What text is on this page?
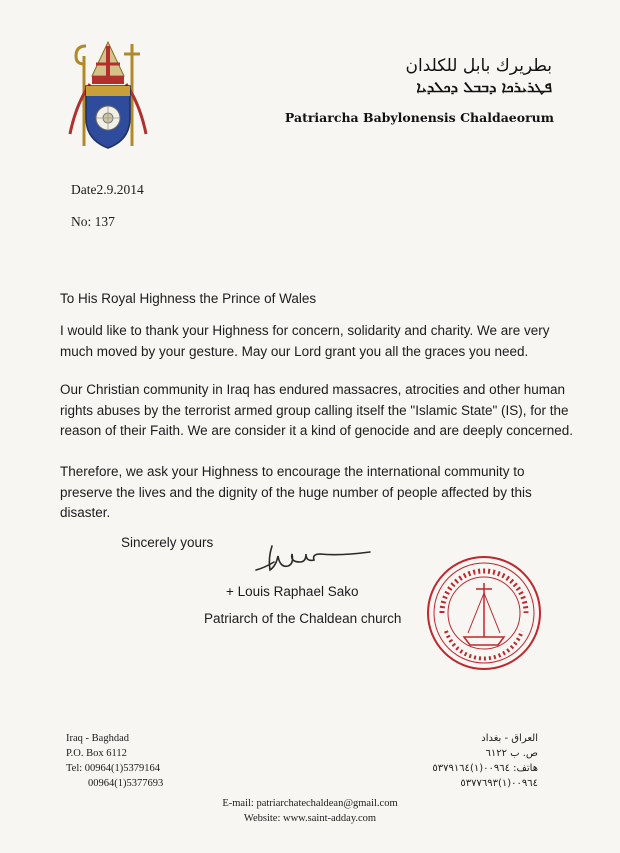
بطريرك بابل للكلدان
ܦܛܪܝܪܟܐ ܕܒܒܠ ܕܟܠܕܝܐ
Patriarcha Babylonensis Chaldaeorum
Date2.9.2014
No: 137
To His Royal Highness the Prince of Wales
I would like to thank your Highness for concern, solidarity and charity. We are very much moved by your gesture. May our Lord grant you all the graces you need.
Our Christian community in Iraq has endured massacres, atrocities and other human rights abuses by the terrorist armed group calling itself the "Islamic State" (IS), for the reason of their Faith. We are consider it a kind of genocide and are deeply concerned.
Therefore, we ask your Highness to encourage the international community to preserve the lives and the dignity of the huge number of people affected by this disaster.
Sincerely yours
+ Louis Raphael Sako
Patriarch of the Chaldean church
Iraq - Baghdad
P.O. Box 6112
Tel: 00964(1)5379164
00964(1)5377693
العراق - بغداد
ص. ب ٦١٢٢
هاتف: ٠٠٩٦٤(١)٥٣٧٩١٦٤
٠٠٩٦٤(١)٥٣٧٧٦٩٣
E-mail: patriarchatechaldean@gmail.com
Website: www.saint-adday.com
